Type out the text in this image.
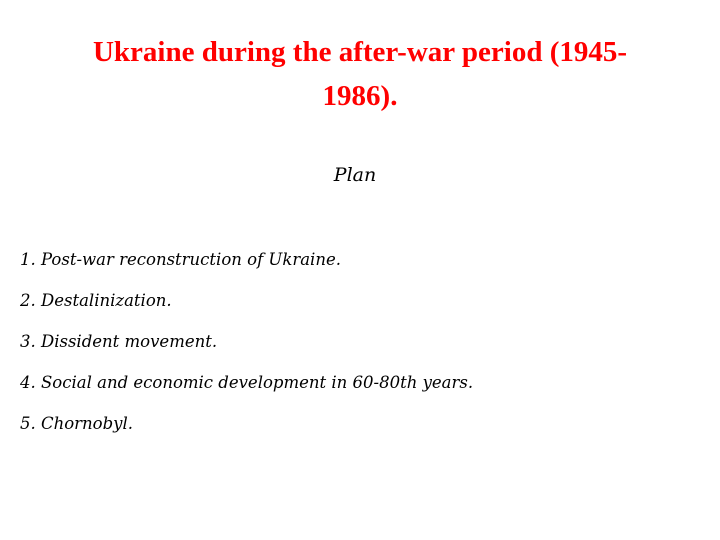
Ukraine during the after-war period (1945-
1986).

Plan

1. Post-war reconstruction of Ukraine.
2. Destalinization.
3. Dissident movement.
4. Social and economic development in 60-80th years.
5. Chornobyl.
